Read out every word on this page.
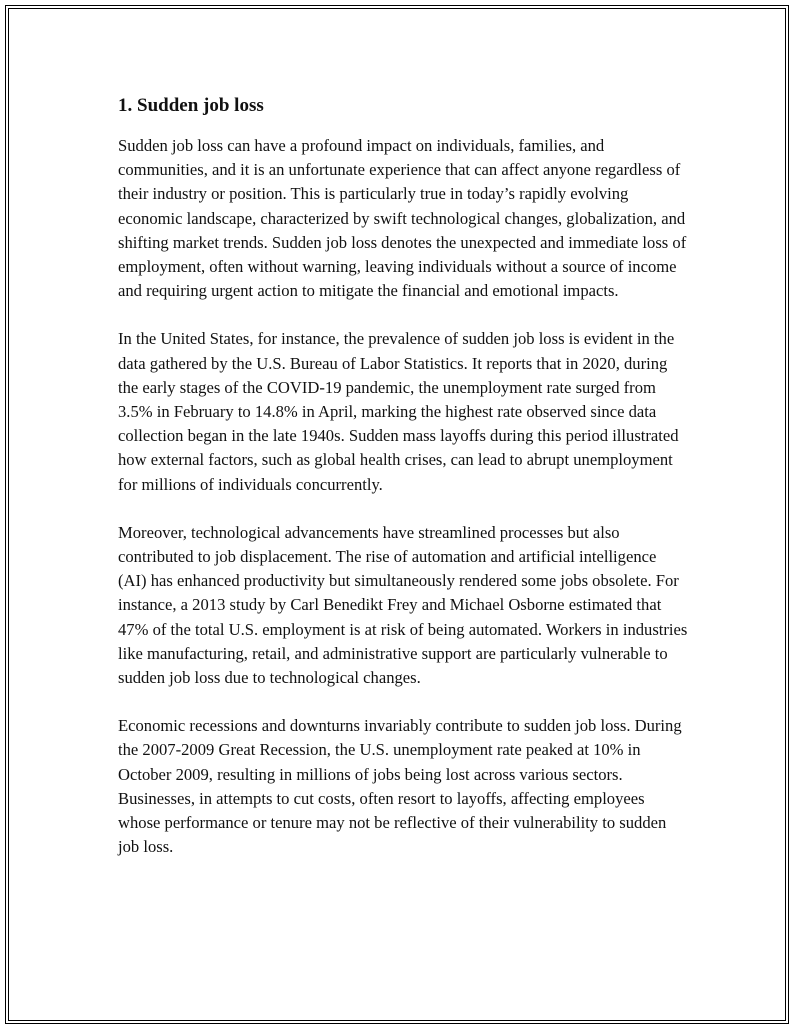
1. Sudden job loss

Sudden job loss can have a profound impact on individuals, families, and communities, and it is an unfortunate experience that can affect anyone regardless of their industry or position. This is particularly true in today’s rapidly evolving economic landscape, characterized by swift technological changes, globalization, and shifting market trends. Sudden job loss denotes the unexpected and immediate loss of employment, often without warning, leaving individuals without a source of income and requiring urgent action to mitigate the financial and emotional impacts.

In the United States, for instance, the prevalence of sudden job loss is evident in the data gathered by the U.S. Bureau of Labor Statistics. It reports that in 2020, during the early stages of the COVID-19 pandemic, the unemployment rate surged from 3.5% in February to 14.8% in April, marking the highest rate observed since data collection began in the late 1940s. Sudden mass layoffs during this period illustrated how external factors, such as global health crises, can lead to abrupt unemployment for millions of individuals concurrently.

Moreover, technological advancements have streamlined processes but also contributed to job displacement. The rise of automation and artificial intelligence (AI) has enhanced productivity but simultaneously rendered some jobs obsolete. For instance, a 2013 study by Carl Benedikt Frey and Michael Osborne estimated that 47% of the total U.S. employment is at risk of being automated. Workers in industries like manufacturing, retail, and administrative support are particularly vulnerable to sudden job loss due to technological changes.

Economic recessions and downturns invariably contribute to sudden job loss. During the 2007-2009 Great Recession, the U.S. unemployment rate peaked at 10% in October 2009, resulting in millions of jobs being lost across various sectors. Businesses, in attempts to cut costs, often resort to layoffs, affecting employees whose performance or tenure may not be reflective of their vulnerability to sudden job loss.
